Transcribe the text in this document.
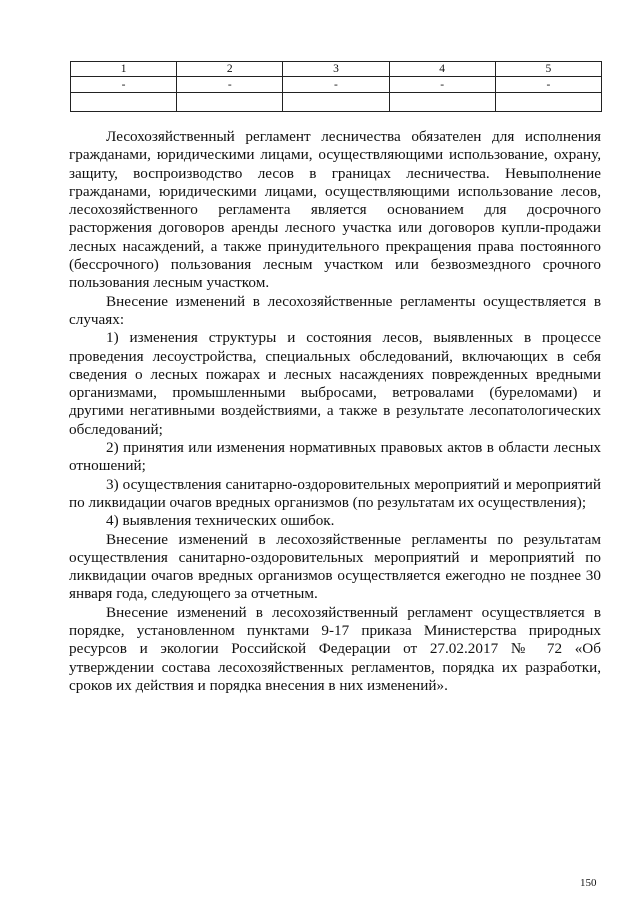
1	2	3	4	5
-	-	-	-	-

Лесохозяйственный регламент лесничества обязателен для исполнения гражданами, юридическими лицами, осуществляющими использование, охрану, защиту, воспроизводство лесов в границах лесничества. Невыполнение гражданами, юридическими лицами, осуществляющими использование лесов, лесохозяйственного регламента является основанием для досрочного расторжения договоров аренды лесного участка или договоров купли-продажи лесных насаждений, а также принудительного прекращения права постоянного (бессрочного) пользования лесным участком или безвозмездного срочного пользования лесным участком.

Внесение изменений в лесохозяйственные регламенты осуществляется в случаях:

1) изменения структуры и состояния лесов, выявленных в процессе проведения лесоустройства, специальных обследований, включающих в себя сведения о лесных пожарах и лесных насаждениях поврежденных вредными организмами, промышленными выбросами, ветровалами (буреломами) и другими негативными воздействиями, а также в результате лесопатологических обследований;

2) принятия или изменения нормативных правовых актов в области лесных отношений;

3) осуществления санитарно-оздоровительных мероприятий и мероприятий по ликвидации очагов вредных организмов (по результатам их осуществления);

4) выявления технических ошибок.

Внесение изменений в лесохозяйственные регламенты по результатам осуществления санитарно-оздоровительных мероприятий и мероприятий по ликвидации очагов вредных организмов осуществляется ежегодно не позднее 30 января года, следующего за отчетным.

Внесение изменений в лесохозяйственный регламент осуществляется в порядке, установленном пунктами 9-17 приказа Министерства природных ресурсов и экологии Российской Федерации от 27.02.2017 № 72 «Об утверждении состава лесохозяйственных регламентов, порядка их разработки, сроков их действия и порядка внесения в них изменений».

150
